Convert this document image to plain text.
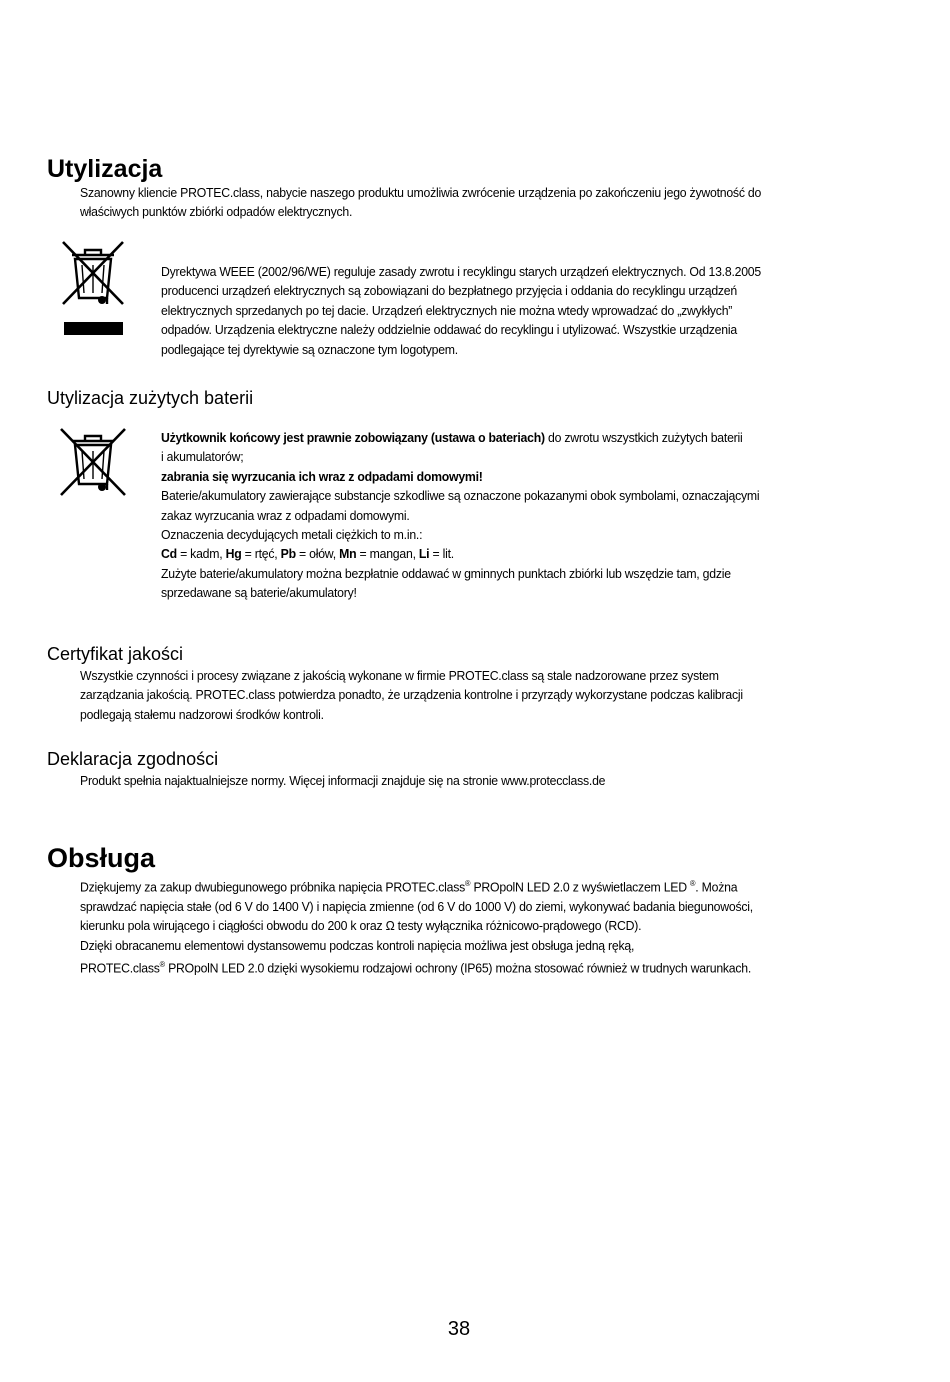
Utylizacja

Szanowny kliencie PROTEC.class, nabycie naszego produktu umożliwia zwrócenie urządzenia po zakończeniu jego żywotność do

właściwych punktów zbiórki odpadów elektrycznych.

Dyrektywa WEEE (2002/96/WE) reguluje zasady zwrotu i recyklingu starych urządzeń elektrycznych. Od 13.8.2005

producenci urządzeń elektrycznych są zobowiązani do bezpłatnego przyjęcia i oddania do recyklingu urządzeń

elektrycznych sprzedanych po tej dacie. Urządzeń elektrycznych nie można wtedy wprowadzać do „zwykłych”

odpadów. Urządzenia elektryczne należy oddzielnie oddawać do recyklingu i utylizować. Wszystkie urządzenia

podlegające tej dyrektywie są oznaczone tym logotypem.

Utylizacja zużytych baterii

Użytkownik końcowy jest prawnie zobowiązany (ustawa o bateriach) do zwrotu wszystkich zużytych baterii

i akumulatorów;

zabrania się wyrzucania ich wraz z odpadami domowymi!

Baterie/akumulatory zawierające substancje szkodliwe są oznaczone pokazanymi obok symbolami, oznaczającymi

zakaz wyrzucania wraz z odpadami domowymi.

Oznaczenia decydujących metali ciężkich to m.in.:

Cd = kadm, Hg = rtęć, Pb = ołów, Mn = mangan, Li = lit.

Zużyte baterie/akumulatory można bezpłatnie oddawać w gminnych punktach zbiórki lub wszędzie tam, gdzie

sprzedawane są baterie/akumulatory!

Certyfikat jakości

Wszystkie czynności i procesy związane z jakością wykonane w firmie PROTEC.class są stale nadzorowane przez system

zarządzania jakością. PROTEC.class potwierdza ponadto, że urządzenia kontrolne i przyrządy wykorzystane podczas kalibracji

podlegają stałemu nadzorowi środków kontroli.

Deklaracja zgodności

Produkt spełnia najaktualniejsze normy. Więcej informacji znajduje się na stronie www.protecclass.de

Obsługa

Dziękujemy za zakup dwubiegunowego próbnika napięcia PROTEC.class® PROpolN LED 2.0 z wyświetlaczem LED ®. Można

sprawdzać napięcia stałe (od 6 V do 1400 V) i napięcia zmienne (od 6 V do 1000 V) do ziemi, wykonywać badania biegunowości,

kierunku pola wirującego i ciągłości obwodu do 200 k oraz Ω testy wyłącznika różnicowo-prądowego (RCD).

Dzięki obracanemu elementowi dystansowemu podczas kontroli napięcia możliwa jest obsługa jedną ręką,

PROTEC.class® PROpolN LED 2.0 dzięki wysokiemu rodzajowi ochrony (IP65) można stosować również w trudnych warunkach.

38
